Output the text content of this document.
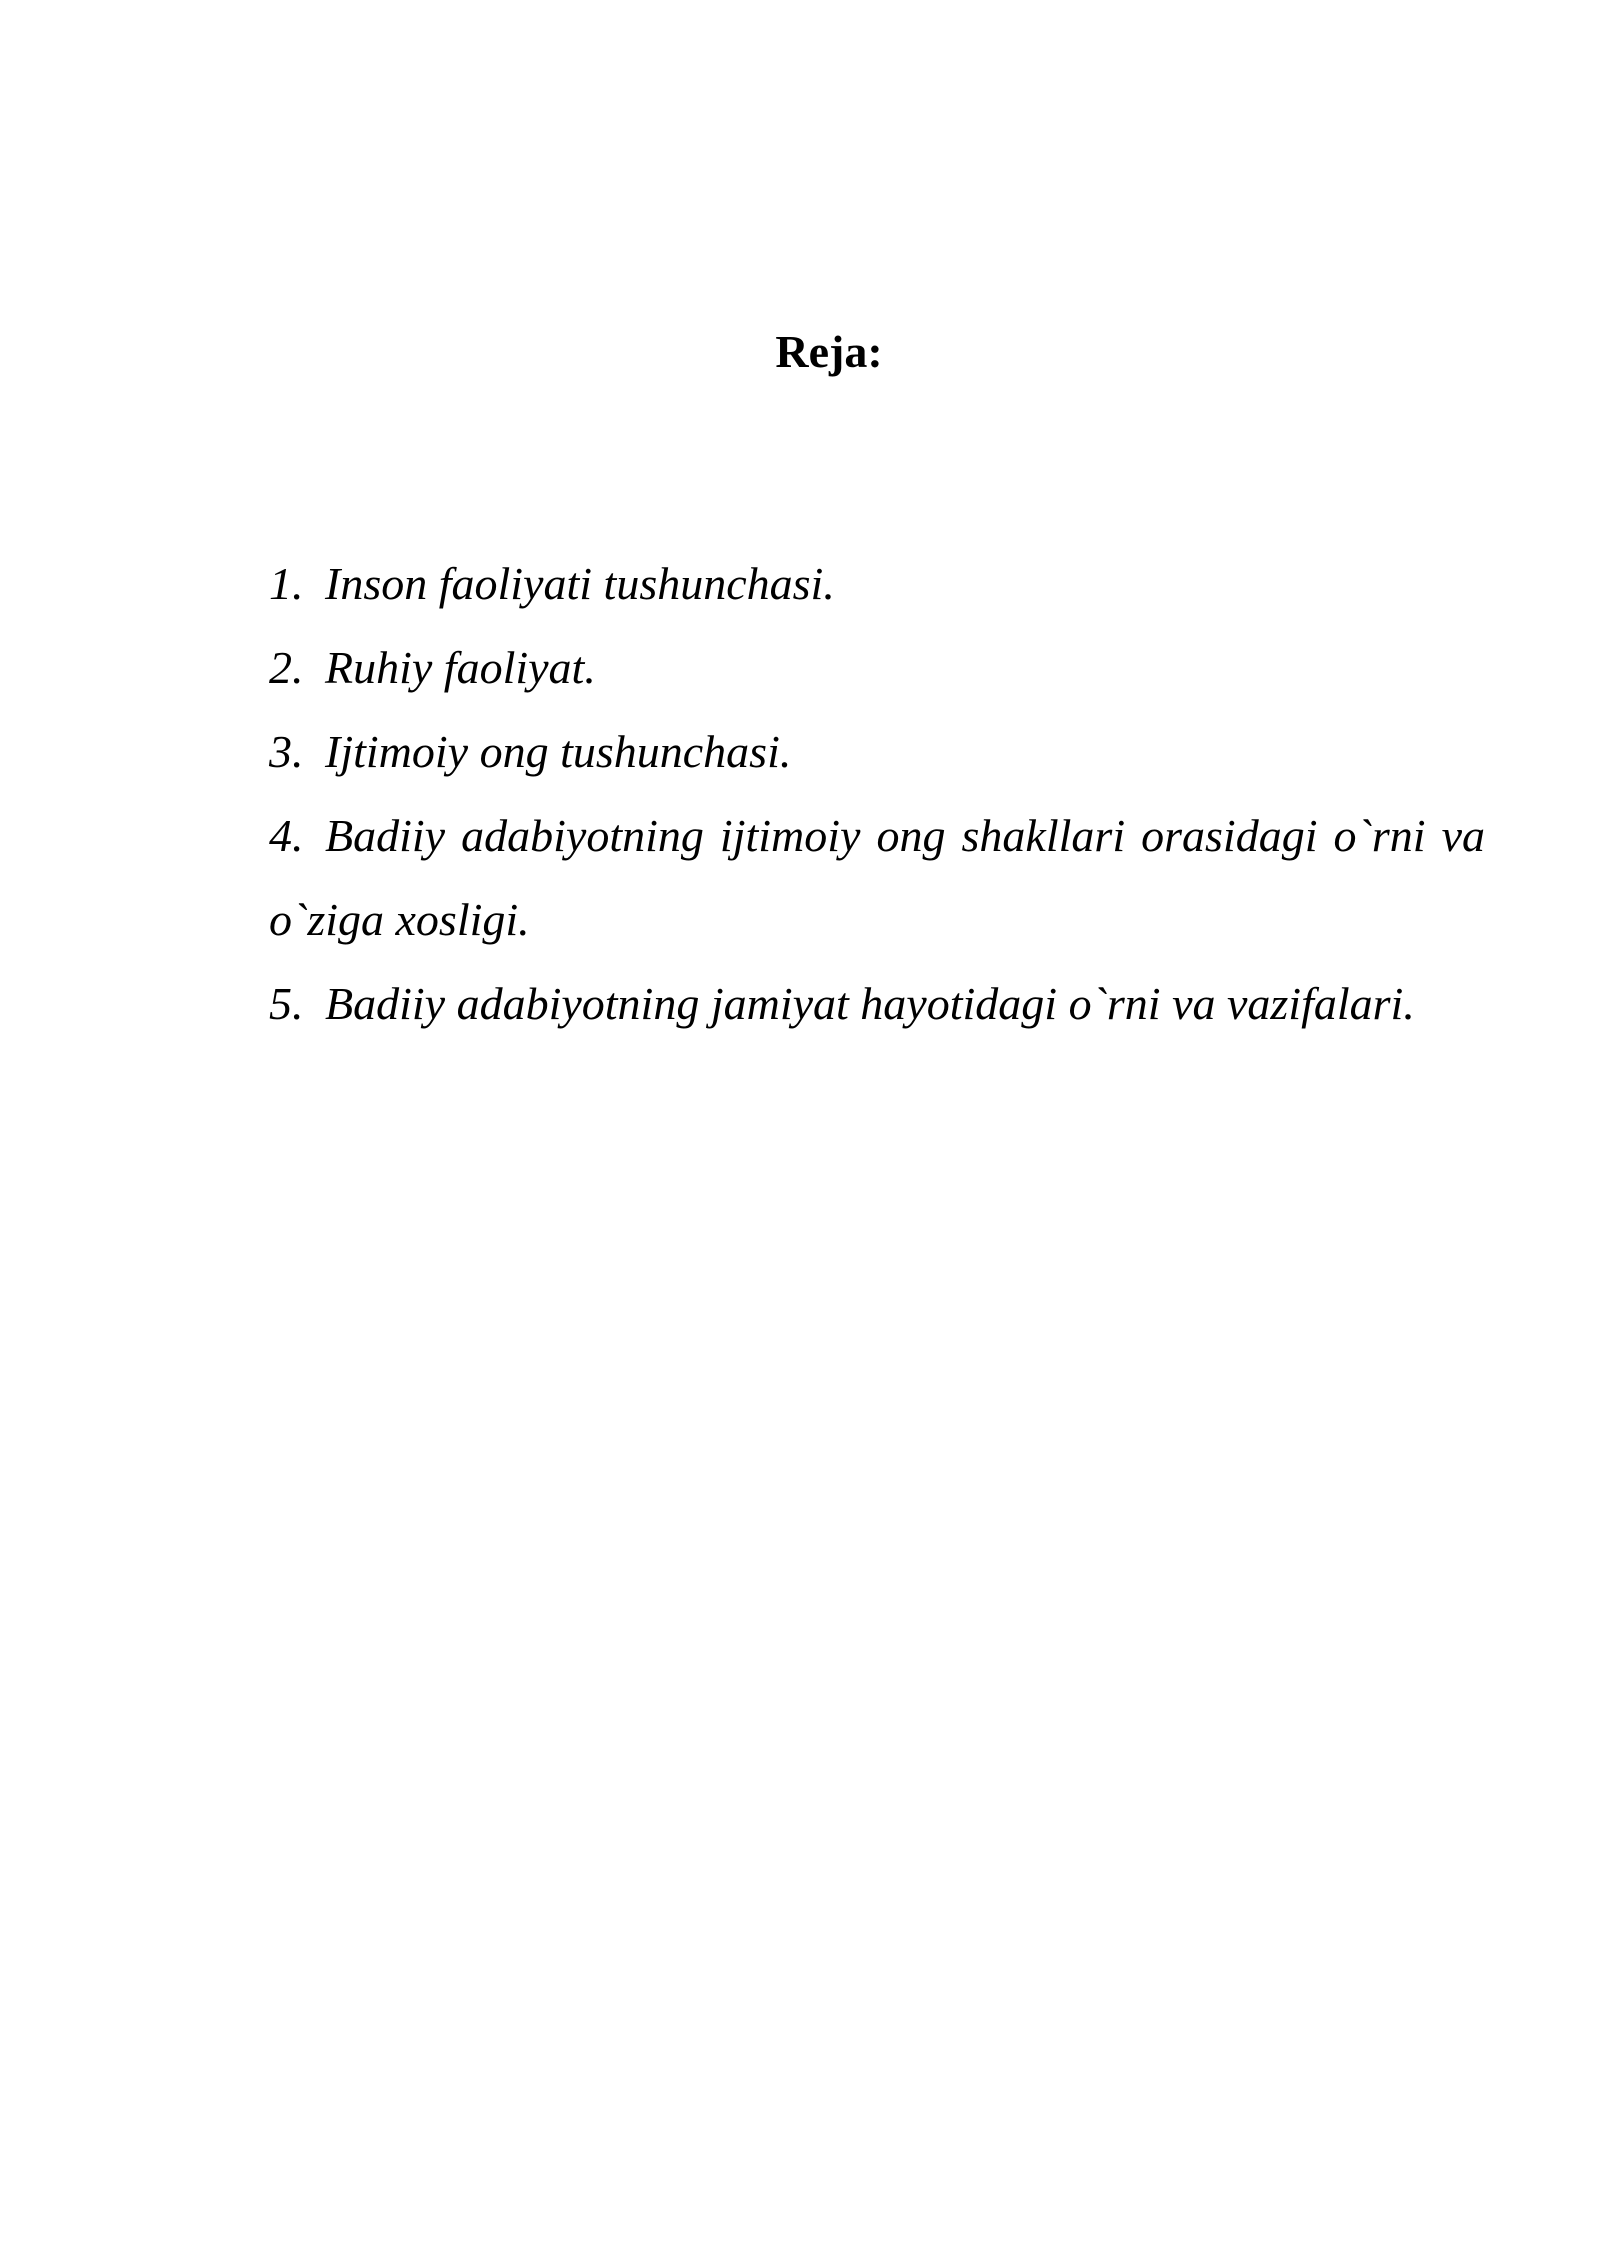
Reja:
1. Inson faoliyati tushunchasi.
2. Ruhiy faoliyat.
3. Ijtimoiy ong tushunchasi.
4. Badiiy adabiyotning ijtimoiy ong shakllari orasidagi o`rni va o`ziga xosligi.
5. Badiiy adabiyotning jamiyat hayotidagi o`rni va vazifalari.
